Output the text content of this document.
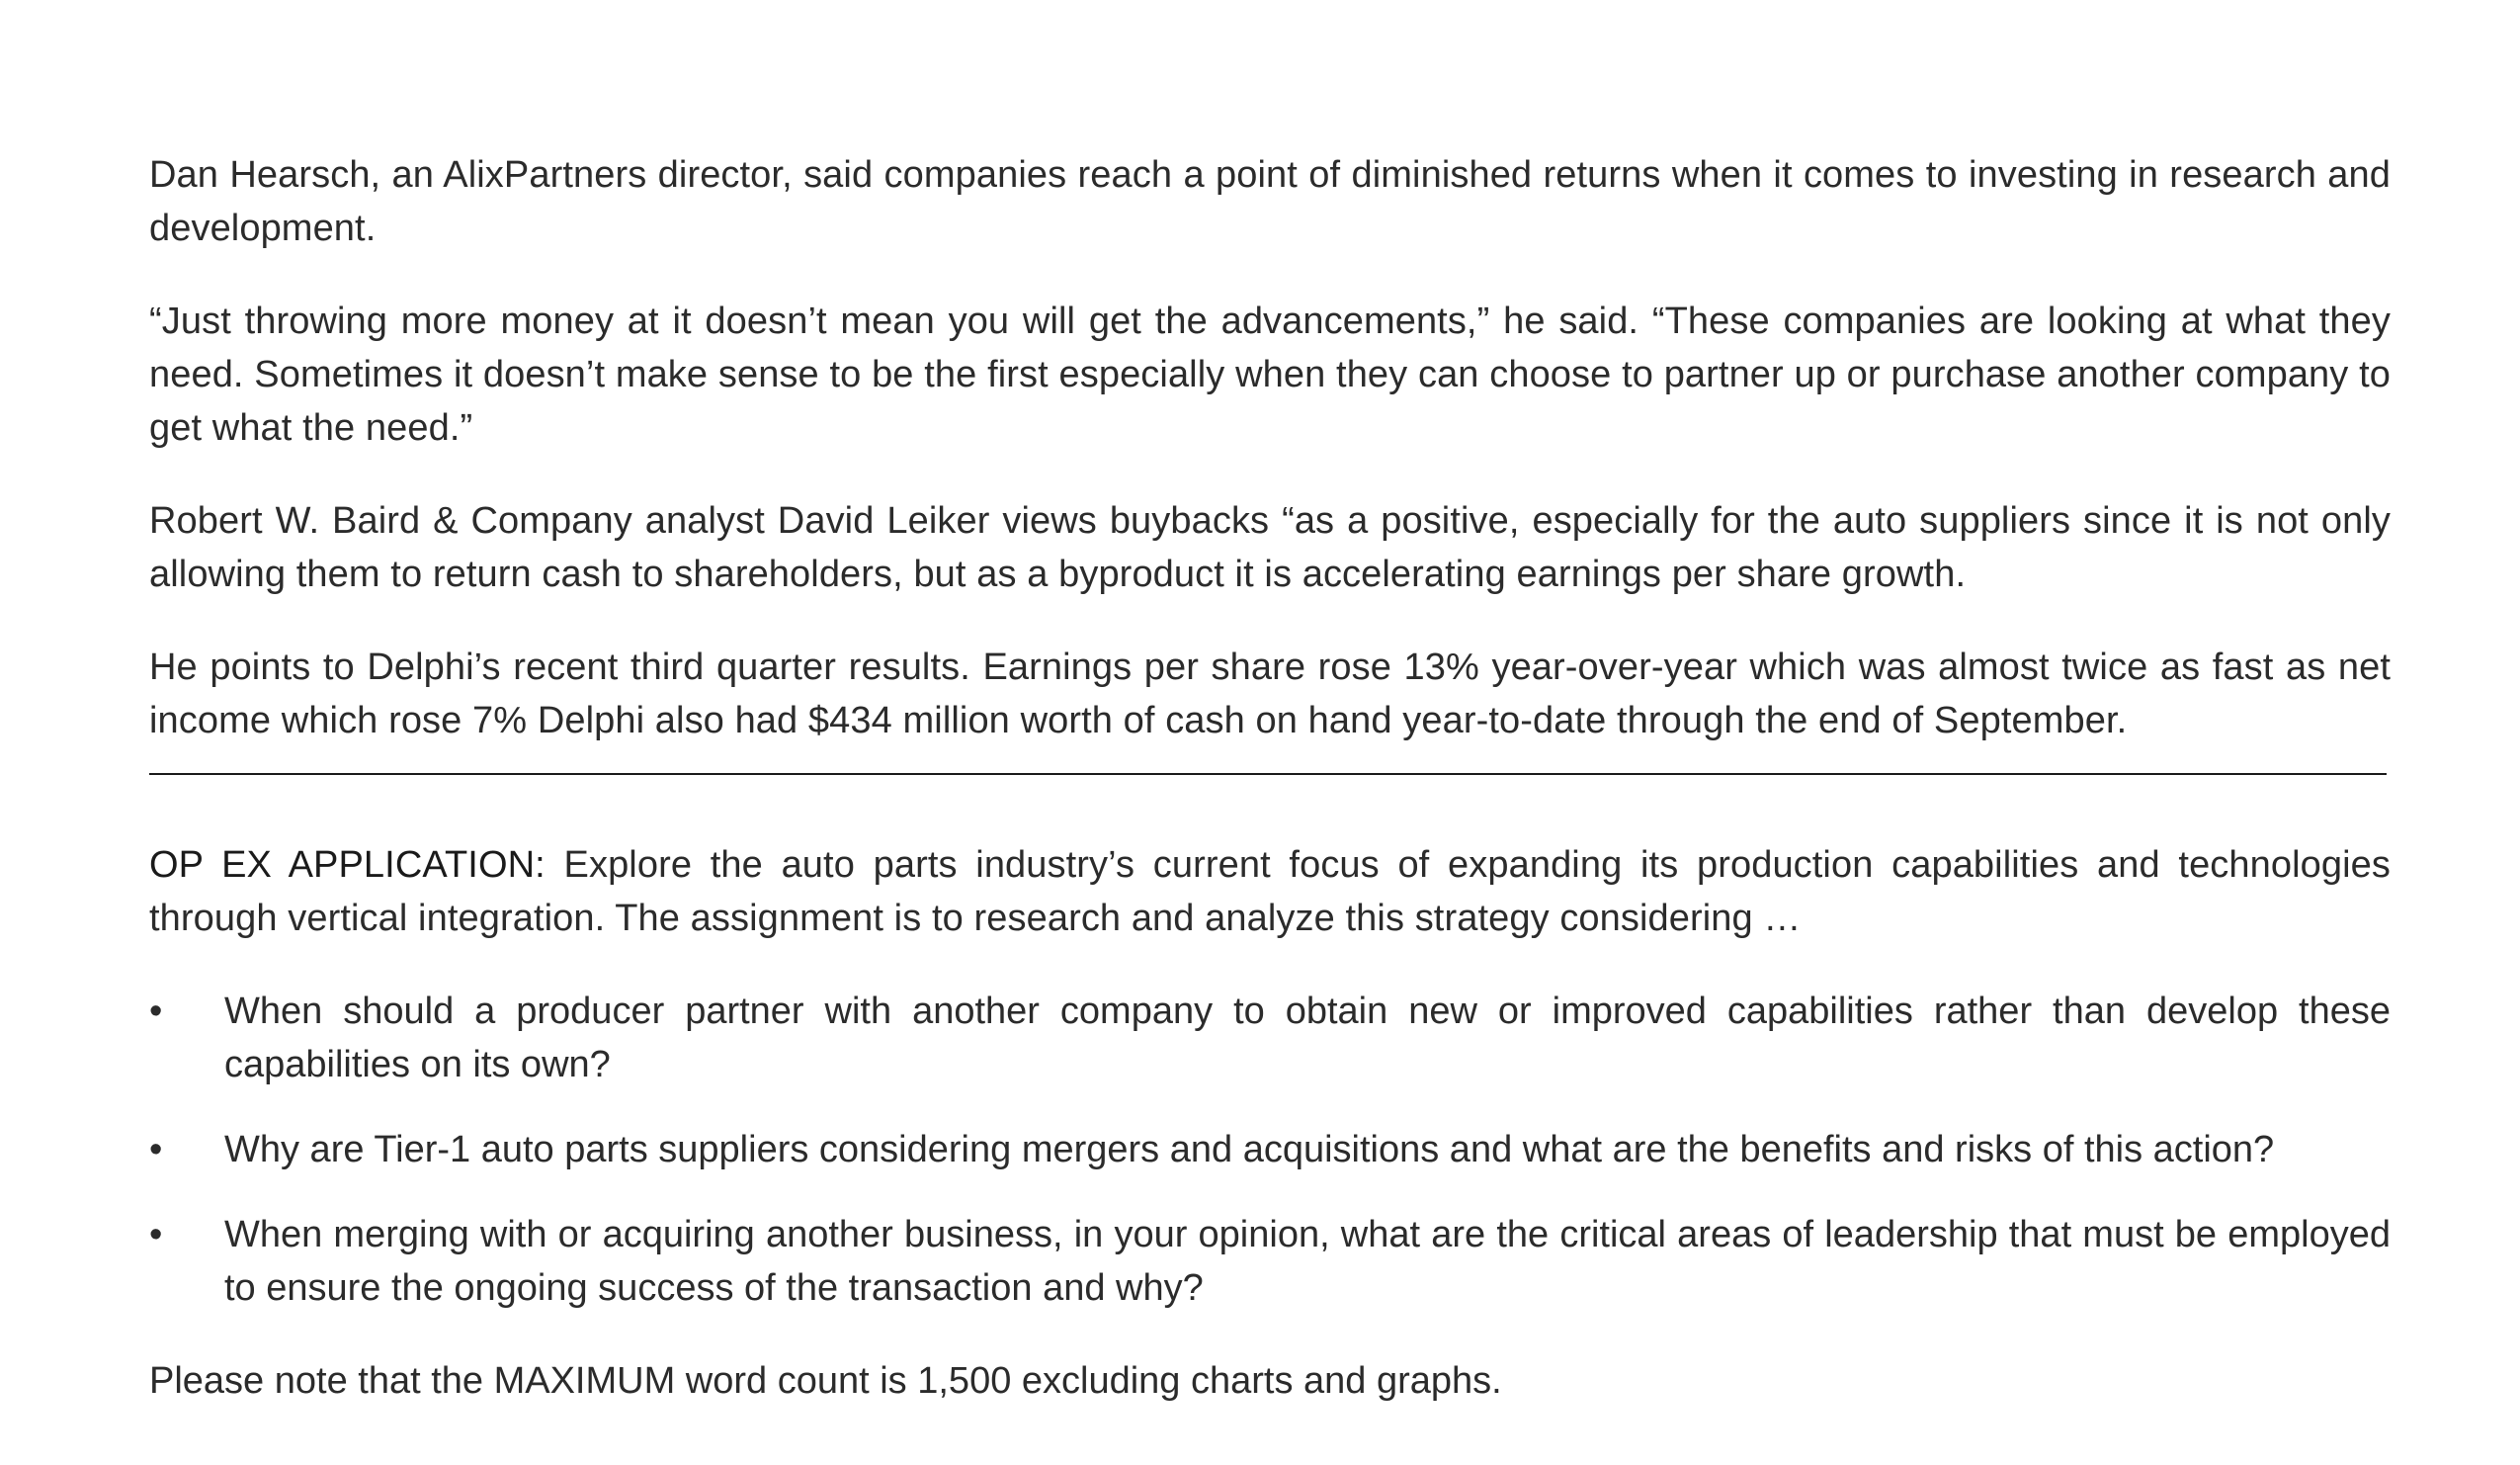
Dan Hearsch, an AlixPartners director, said companies reach a point of diminished returns when it comes to investing in research and development.

“Just throwing more money at it doesn’t mean you will get the advancements,” he said. “These companies are looking at what they need. Sometimes it doesn’t make sense to be the first especially when they can choose to partner up or purchase another company to get what the need.”

Robert W. Baird & Company analyst David Leiker views buybacks “as a positive, especially for the auto suppliers since it is not only allowing them to return cash to shareholders, but as a byproduct it is accelerating earnings per share growth.

He points to Delphi’s recent third quarter results. Earnings per share rose 13% year-over-year which was almost twice as fast as net income which rose 7% Delphi also had $434 million worth of cash on hand year-to-date through the end of September.

OP EX APPLICATION: Explore the auto parts industry’s current focus of expanding its production capabilities and technologies through vertical integration. The assignment is to research and analyze this strategy considering …

• When should a producer partner with another company to obtain new or improved capabilities rather than develop these capabilities on its own?
• Why are Tier-1 auto parts suppliers considering mergers and acquisitions and what are the benefits and risks of this action?
• When merging with or acquiring another business, in your opinion, what are the critical areas of leadership that must be employed to ensure the ongoing success of the transaction and why?

Please note that the MAXIMUM word count is 1,500 excluding charts and graphs.
